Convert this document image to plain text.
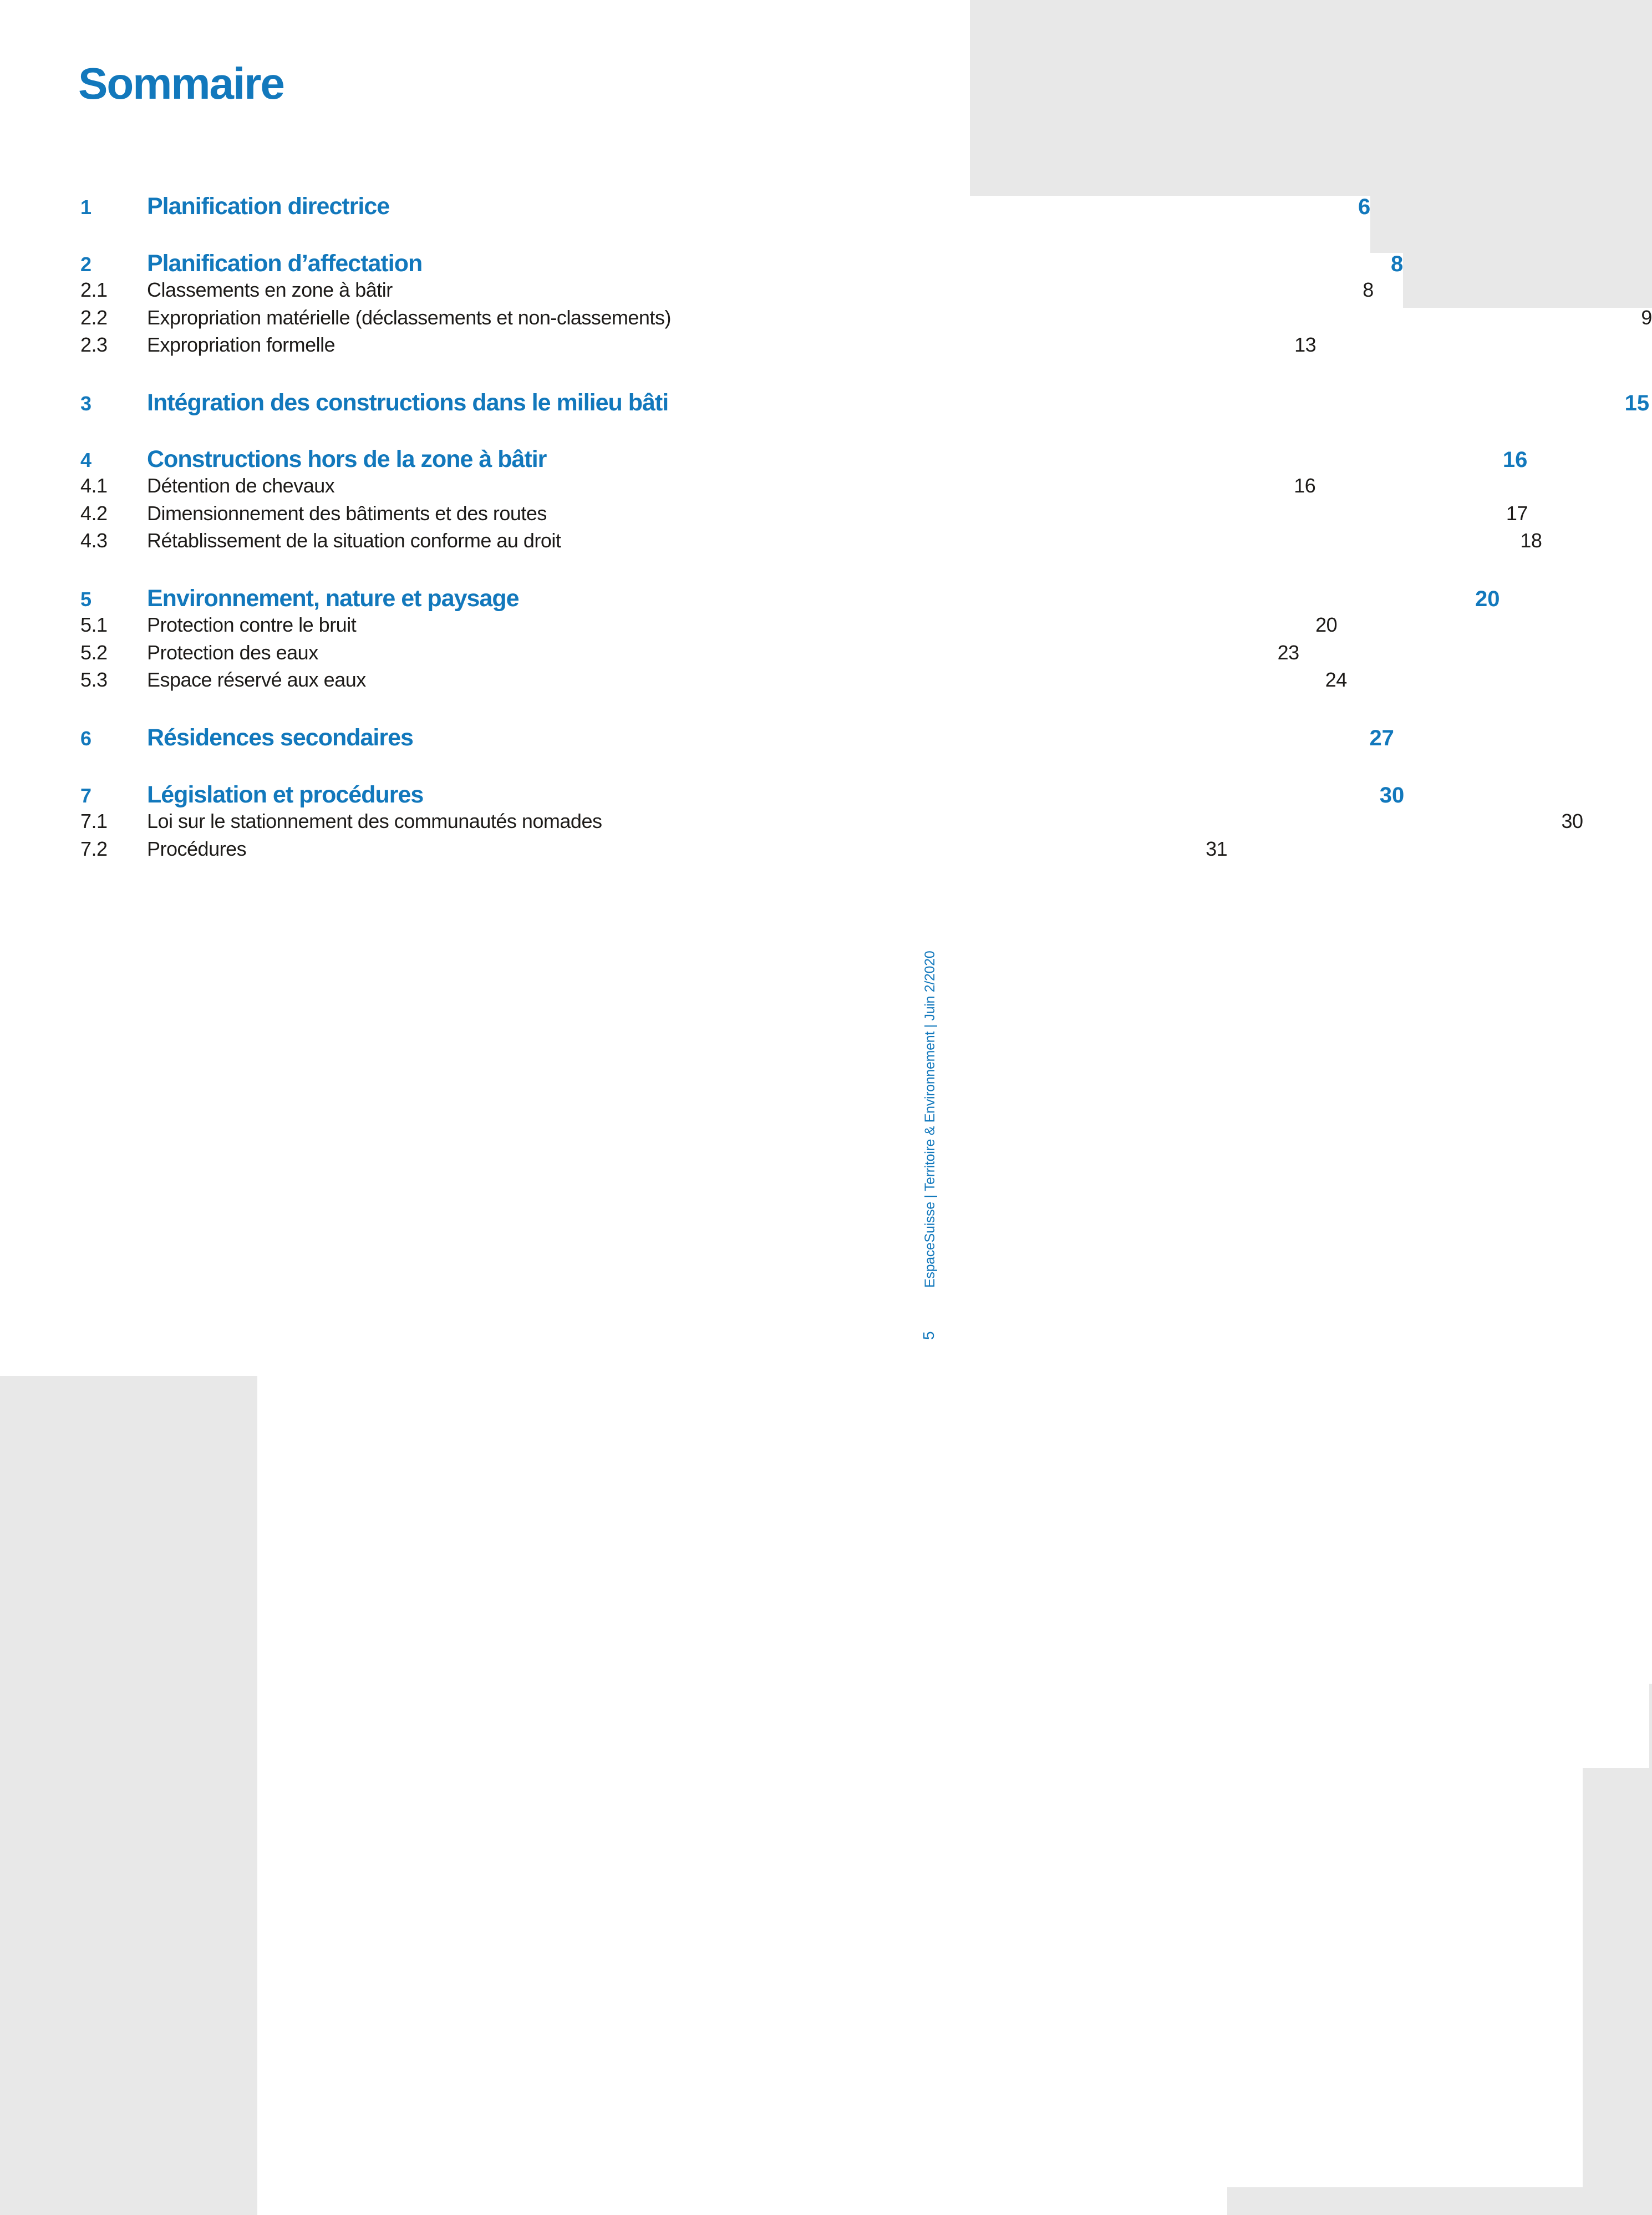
Sommaire
1	Planification directrice	6
2	Planification d’affectation	8
2.1	Classements en zone à bâtir	8
2.2	Expropriation matérielle (déclassements et non-classements)	9
2.3	Expropriation formelle	13
3	Intégration des constructions dans le milieu bâti	15
4	Constructions hors de la zone à bâtir	16
4.1	Détention de chevaux	16
4.2	Dimensionnement des bâtiments et des routes	17
4.3	Rétablissement de la situation conforme au droit	18
5	Environnement, nature et paysage	20
5.1	Protection contre le bruit	20
5.2	Protection des eaux	23
5.3	Espace réservé aux eaux	24
6	Résidences secondaires	27
7	Législation et procédures	30
7.1	Loi sur le stationnement des communautés nomades	30
7.2	Procédures	31
EspaceSuisse | Territoire & Environnement | Juin 2/2020
5
